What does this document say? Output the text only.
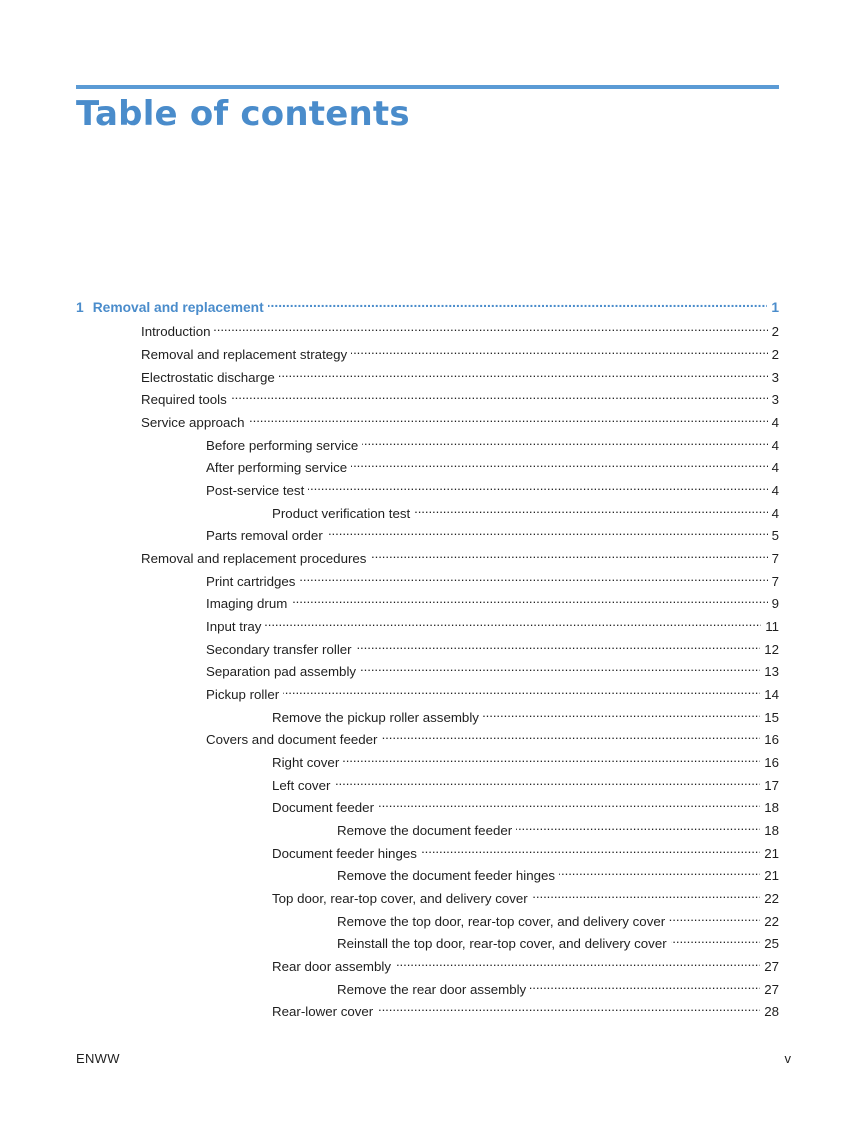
Table of contents
1 Removal and replacement . . .	1
Introduction . . .	2
Removal and replacement strategy . . .	2
Electrostatic discharge . . .	3
Required tools . . .	3
Service approach . . .	4
Before performing service . . .	4
After performing service . . .	4
Post-service test . . .	4
Product verification test . . .	4
Parts removal order . . .	5
Removal and replacement procedures . . .	7
Print cartridges . . .	7
Imaging drum . . .	9
Input tray . . .	11
Secondary transfer roller . . .	12
Separation pad assembly . . .	13
Pickup roller . . .	14
Remove the pickup roller assembly . . .	15
Covers and document feeder . . .	16
Right cover . . .	16
Left cover . . .	17
Document feeder . . .	18
Remove the document feeder . . .	18
Document feeder hinges . . .	21
Remove the document feeder hinges . . .	21
Top door, rear-top cover, and delivery cover . . .	22
Remove the top door, rear-top cover, and delivery cover . . .	22
Reinstall the top door, rear-top cover, and delivery cover . . .	25
Rear door assembly . . .	27
Remove the rear door assembly . . .	27
Rear-lower cover . . .	28
ENWW	v
